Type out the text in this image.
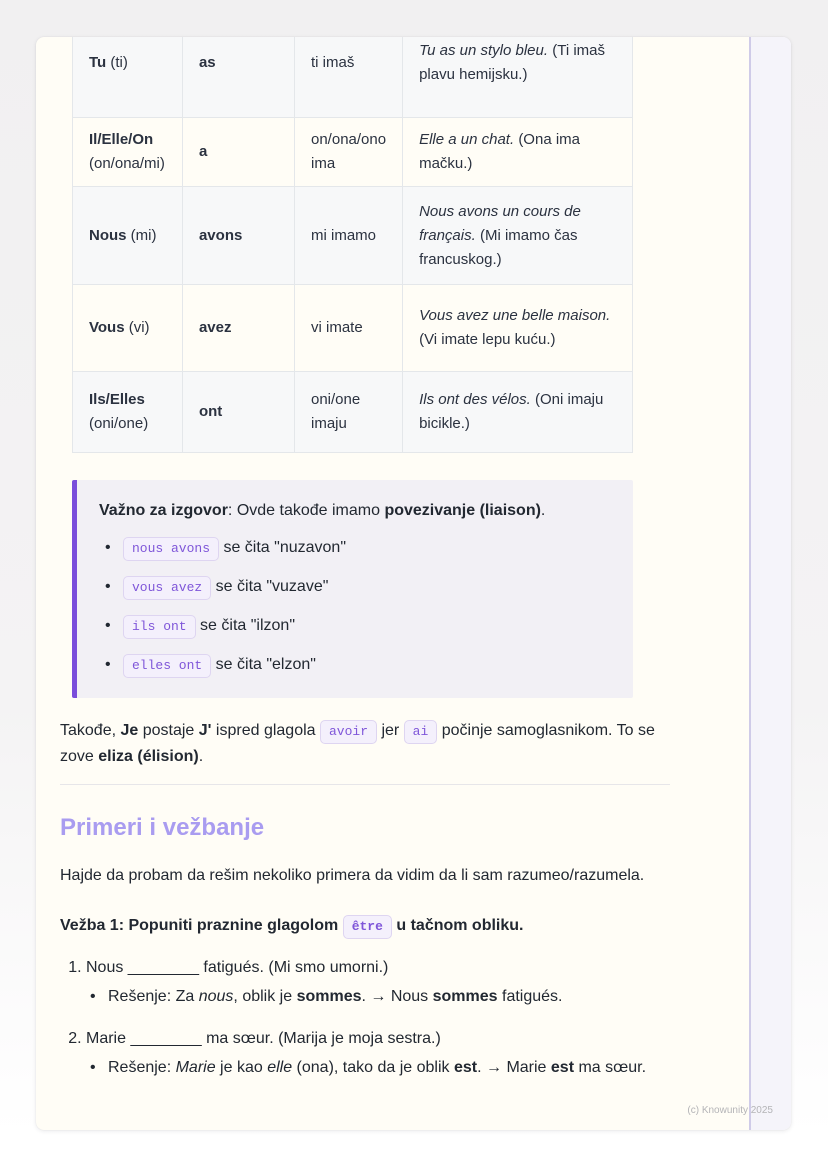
Tu (ti)	as	ti imaš	Tu as un stylo bleu. (Ti imaš plavu hemijsku.)
Il/Elle/On (on/ona/mi)	a	on/ona/ono ima	Elle a un chat. (Ona ima mačku.)
Nous (mi)	avons	mi imamo	Nous avons un cours de français. (Mi imamo čas francuskog.)
Vous (vi)	avez	vi imate	Vous avez une belle maison. (Vi imate lepu kuću.)
Ils/Elles (oni/one)	ont	oni/one imaju	Ils ont des vélos. (Oni imaju bicikle.)
Važno za izgovor: Ovde takođe imamo povezivanje (liaison).
• nous avons se čita "nuzavon"
• vous avez se čita "vuzave"
• ils ont se čita "ilzon"
• elles ont se čita "elzon"

Takođe, Je postaje J' ispred glagola avoir jer ai počinje samoglasnikom. To se zove eliza (élision).

Primeri i vežbanje

Hajde da probam da rešim nekoliko primera da vidim da li sam razumeo/razumela.

Vežba 1: Popuniti praznine glagolom être u tačnom obliku.

1. Nous ________ fatigués. (Mi smo umorni.)
• Rešenje: Za nous, oblik je sommes. → Nous sommes fatigués.
2. Marie ________ ma sœur. (Marija je moja sestra.)
• Rešenje: Marie je kao elle (ona), tako da je oblik est. → Marie est ma sœur.
(c) Knowunity 2025
